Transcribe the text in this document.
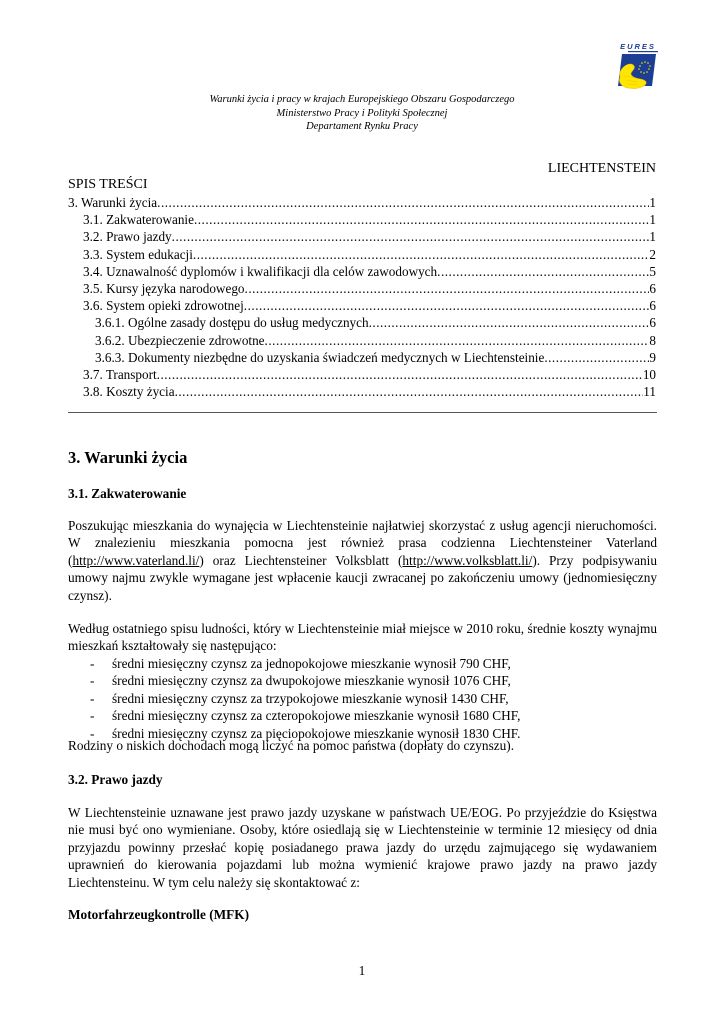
EURES
Warunki życia i pracy w krajach Europejskiego Obszaru Gospodarczego
Ministerstwo Pracy i Polityki Społecznej
Departament Rynku Pracy
LIECHTENSTEIN
SPIS TREŚCI
3. Warunki życia .....	1
3.1. Zakwaterowanie .....	1
3.2. Prawo jazdy .....	1
3.3. System edukacji .....	2
3.4. Uznawalność dyplomów i kwalifikacji dla celów zawodowych .....	5
3.5. Kursy języka narodowego .....	6
3.6. System opieki zdrowotnej .....	6
3.6.1. Ogólne zasady dostępu do usług medycznych .....	6
3.6.2. Ubezpieczenie zdrowotne .....	8
3.6.3. Dokumenty niezbędne do uzyskania świadczeń medycznych w Liechtensteinie .....	9
3.7. Transport .....	10
3.8. Koszty życia .....	11
3. Warunki życia
3.1. Zakwaterowanie
Poszukując mieszkania do wynajęcia w Liechtensteinie najłatwiej skorzystać z usług agencji nieruchomości. W znalezieniu mieszkania pomocna jest również prasa codzienna Liechtensteiner Vaterland (http://www.vaterland.li/) oraz Liechtensteiner Volksblatt (http://www.volksblatt.li/). Przy podpisywaniu umowy najmu zwykle wymagane jest wpłacenie kaucji zwracanej po zakończeniu umowy (jednomiesięczny czynsz).
Według ostatniego spisu ludności, który w Liechtensteinie miał miejsce w 2010 roku, średnie koszty wynajmu mieszkań kształtowały się następująco:
-	średni miesięczny czynsz za jednopokojowe mieszkanie wynosił 790 CHF,
-	średni miesięczny czynsz za dwupokojowe mieszkanie wynosił 1076 CHF,
-	średni miesięczny czynsz za trzypokojowe mieszkanie wynosił 1430 CHF,
-	średni miesięczny czynsz za czteropokojowe mieszkanie wynosił 1680 CHF,
-	średni miesięczny czynsz za pięciopokojowe mieszkanie wynosił 1830 CHF.
Rodziny o niskich dochodach mogą liczyć na pomoc państwa (dopłaty do czynszu).
3.2. Prawo jazdy
W Liechtensteinie uznawane jest prawo jazdy uzyskane w państwach UE/EOG. Po przyjeździe do Księstwa nie musi być ono wymieniane. Osoby, które osiedlają się w Liechtensteinie w terminie 12 miesięcy od dnia przyjazdu powinny przesłać kopię posiadanego prawa jazdy do urzędu zajmującego się wydawaniem uprawnień do kierowania pojazdami lub można wymienić krajowe prawo jazdy na prawo jazdy Liechtensteinu. W tym celu należy się skontaktować z:
Motorfahrzeugkontrolle (MFK)
1
